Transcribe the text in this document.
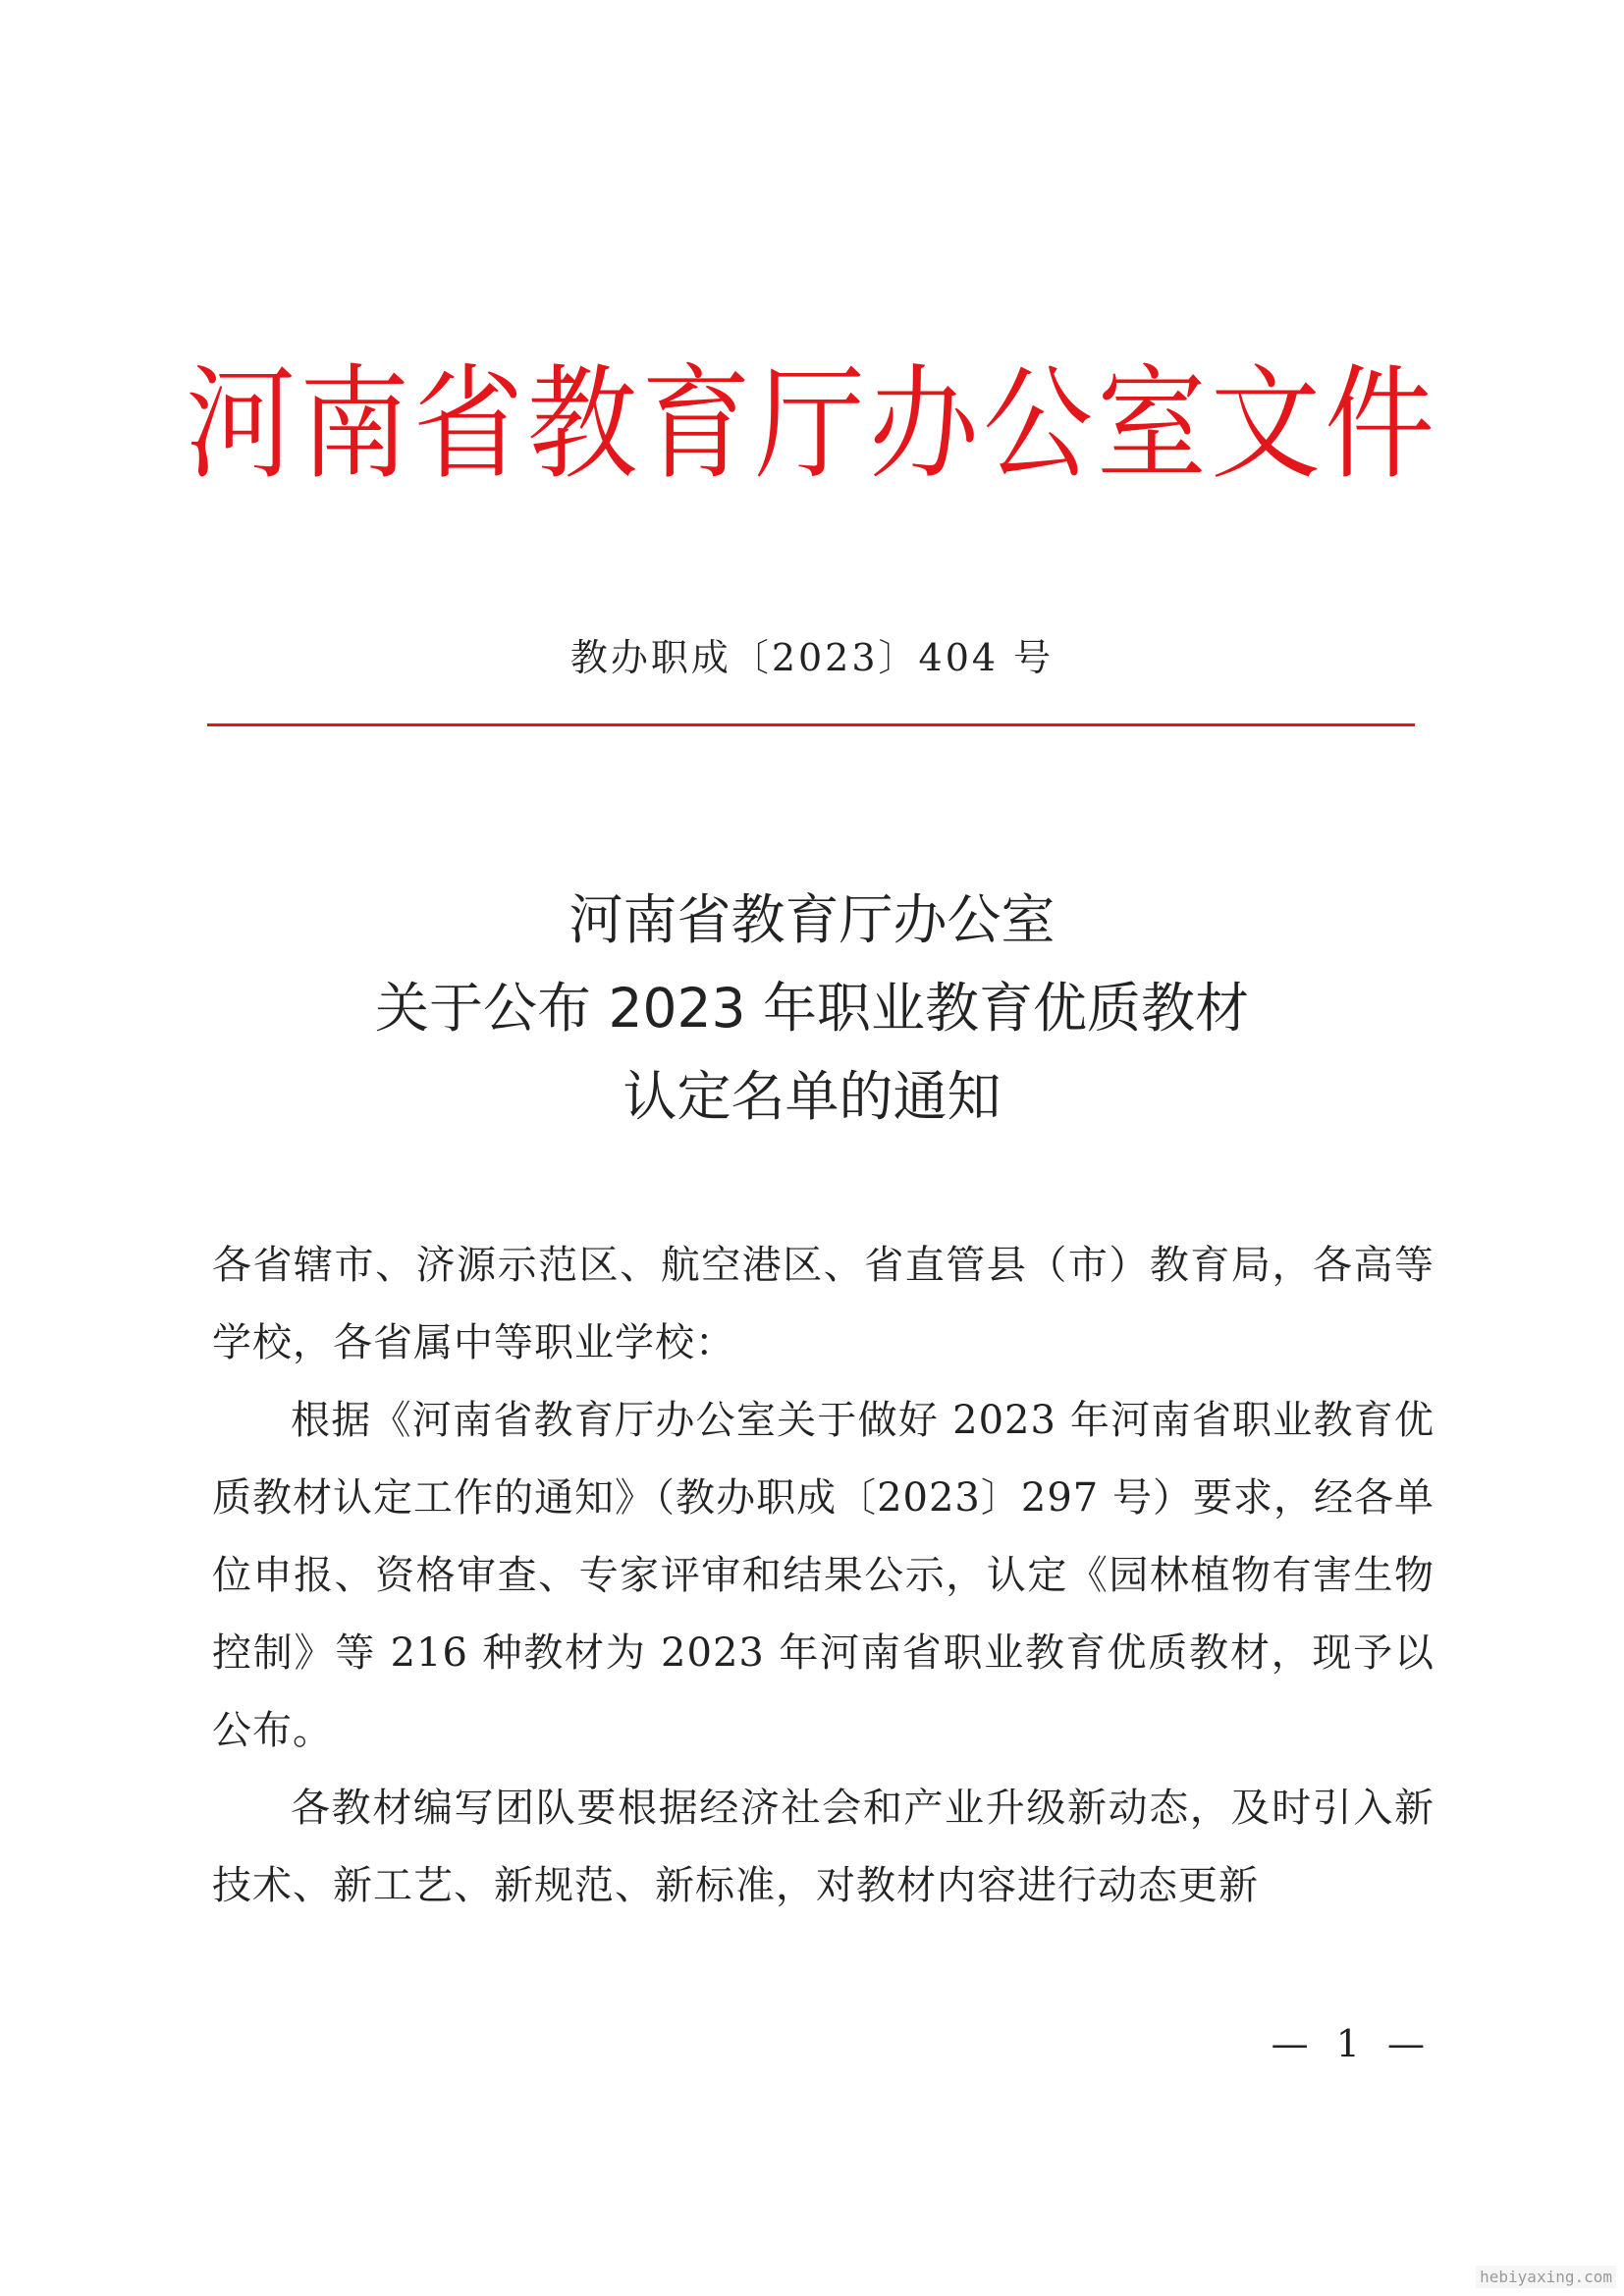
河南省教育厅办公室文件
教办职成〔2023〕404 号
河南省教育厅办公室
关于公布 2023 年职业教育优质教材
认定名单的通知

各省辖市、济源示范区、航空港区、省直管县（市）教育局，各高等学校，各省属中等职业学校：

根据《河南省教育厅办公室关于做好 2023 年河南省职业教育优质教材认定工作的通知》（教办职成〔2023〕297 号）要求，经各单位申报、资格审查、专家评审和结果公示，认定《园林植物有害生物控制》等 216 种教材为 2023 年河南省职业教育优质教材，现予以公布。

各教材编写团队要根据经济社会和产业升级新动态，及时引入新技术、新工艺、新规范、新标准，对教材内容进行动态更新

— 1 —
hebiyaxing.com
